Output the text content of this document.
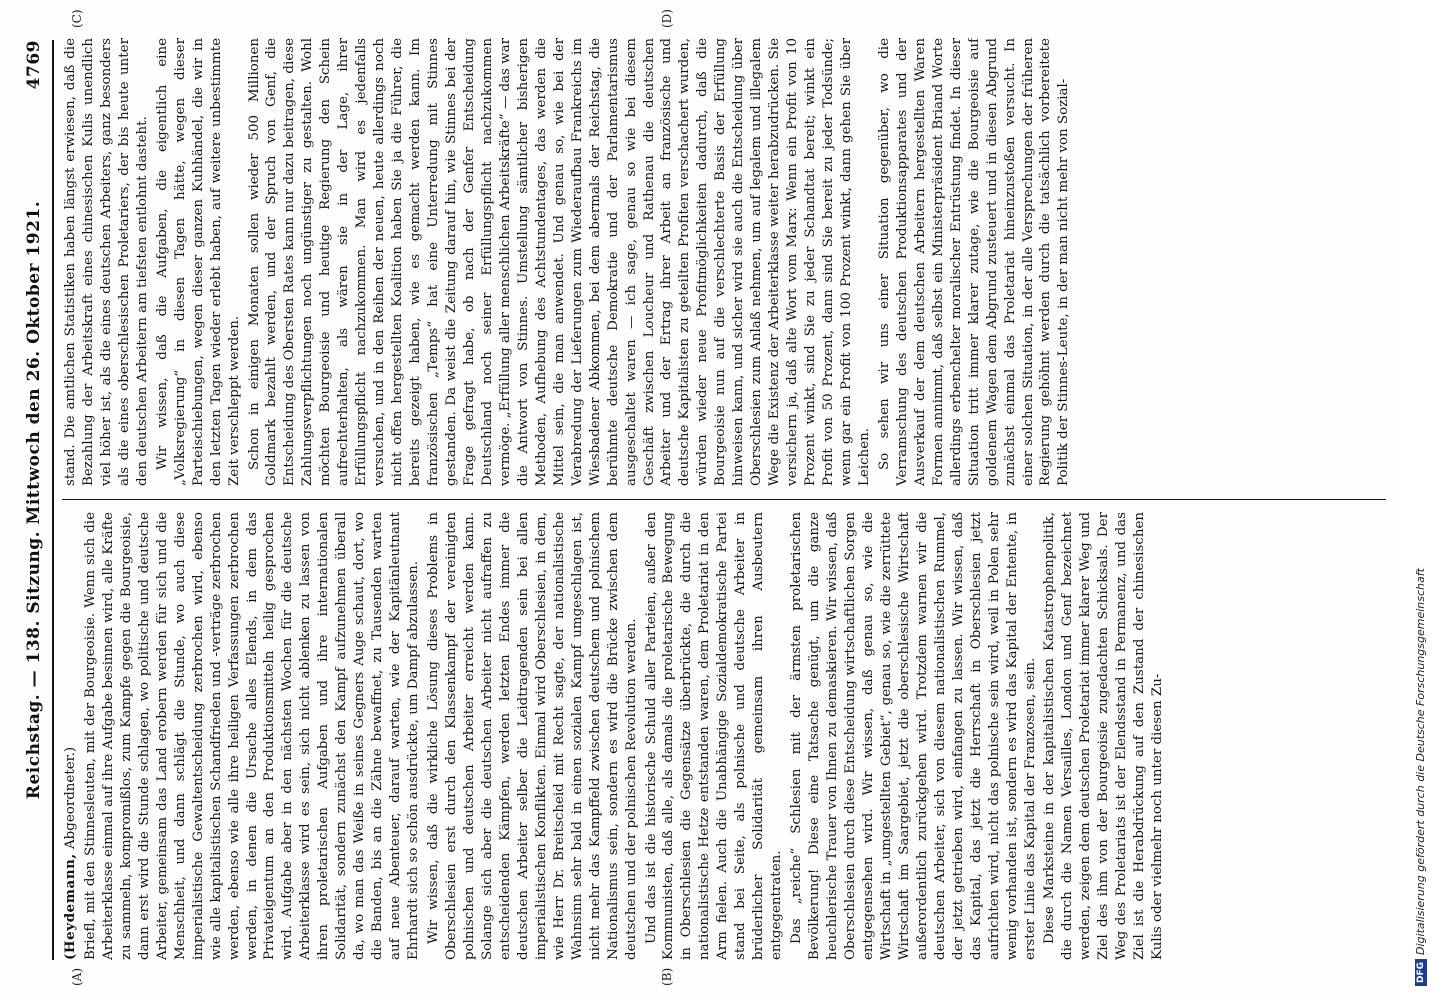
Reichstag. — 138. Sitzung. Mittwoch den 26. Oktober 1921.
4769
(A)	(B)
(C)	(D)

(Heydemann, Abgeordneter.) Briefl, mit den Stinnesleuten, mit der Bourgeoisie. Wenn sich die Arbeiterklasse einmal auf ihre Aufgabe besinnen wird, alle Kräfte zu sammeln, kompromißlos, zum Kampfe gegen die Bourgeoisie, dann erst wird die Stunde schlagen, wo politische und deutsche Arbeiter, gemeinsam das Land erobern werden für sich und die Menschheit, und dann schlägt die Stunde, wo auch diese imperialistische Gewaltentscheidung zerbrochen wird, ebenso wie alle kapitalistischen Schandfrieden und -verträge zerbrochen werden, ebenso wie alle ihre heiligen Verfassungen zerbrochen werden, in denen die Ursache alles Elends, in dem das Privateigentum an den Produktionsmitteln heilig gesprochen wird. Aufgabe aber in den nächsten Wochen für die deutsche Arbeiterklasse wird es sein, sich nicht ablenken zu lassen von ihren proletarischen Aufgaben und ihre internationalen Solidarität, sondern zunächst den Kampf aufzunehmen überall da, wo man das Weiße in seines Gegners Auge schaut, dort, wo die Banden, bis an die Zähne bewaffnet, zu Tausenden warten auf neue Abenteuer, darauf warten, wie der Kapitänleutnant Ehrhardt sich so schön ausdrückte, um Dampf abzulassen. Wir wissen, daß die wirkliche Lösung dieses Problems in Oberschlesien erst durch den Klassenkampf der vereinigten polnischen und deutschen Arbeiter erreicht werden kann. Solange sich aber die deutschen Arbeiter nicht aufraffen zu entscheidenden Kämpfen, werden letzten Endes immer die deutschen Arbeiter selber die Leidtragenden sein bei allen imperialistischen Konflikten. Einmal wird Oberschlesien, in dem, wie Herr Dr. Breitscheid mit Recht sagte, der nationalistische Wahnsinn sehr bald in einen sozialen Kampf umgeschlagen ist, nicht mehr das Kampffeld zwischen deutschem und polnischem Nationalismus sein, sondern es wird die Brücke zwischen dem deutschen und der polnischen Revolution werden. Und das ist die historische Schuld aller Parteien, außer den Kommunisten, daß alle, als damals die proletarische Bewegung in Oberschlesien die Gegensätze überbrückte, die durch die nationalistische Hetze entstanden waren, dem Proletariat in den Arm fielen. Auch die Unabhängige Sozialdemokratische Partei stand bei Seite, als polnische und deutsche Arbeiter in brüderlicher Solidarität gemeinsam ihren Ausbeutern entgegentraten. Das „reiche“ Schlesien mit der ärmsten proletarischen Bevölkerung! Diese eine Tatsache genügt, um die ganze heuchlerische Trauer von Ihnen zu demaskieren. Wir wissen, daß Oberschlesien durch diese Entscheidung wirtschaftlichen Sorgen entgegensehen wird. Wir wissen, daß genau so, wie die Wirtschaft in „umgestellten Gebiet“, genau so, wie die zerrüttete Wirtschaft im Saargebiet, jetzt die oberschlesische Wirtschaft außerordentlich zurückgehen wird. Trotzdem warnen wir die deutschen Arbeiter, sich von diesem nationalistischen Rummel, der jetzt getrieben wird, einfangen zu lassen. Wir wissen, daß das Kapital, das jetzt die Herrschaft in Oberschlesien jetzt aufrichten wird, nicht das polnische sein wird, weil in Polen sehr wenig vorhanden ist, sondern es wird das Kapital der Entente, in erster Linie das Kapital der Franzosen, sein. Diese Marksteine in der kapitalistischen Katastrophenpolitik, die durch die Namen Versailles, London und Genf bezeichnet werden, zeigen dem deutschen Proletariat immer klarer Weg und Ziel des ihm von der Bourgeoisie zugedachten Schicksals. Der Weg des Proletariats ist der Elendsstand in Permanenz, und das Ziel ist die Herabdrückung auf den Zustand der chinesischen Kulis oder vielmehr noch unter diesen Zu-

stand. Die amtlichen Statistiken haben längst erwiesen, daß die Bezahlung der Arbeitskraft eines chinesischen Kulis unendlich viel höher ist, als die eines deutschen Arbeiters, ganz besonders als die eines oberschlesischen Proletariers, der bis heute unter den deutschen Arbeitern am tiefsten entlohnt dasteht. Wir wissen, daß die Aufgaben, die eigentlich eine „Volksregierung“ in diesen Tagen hätte, wegen dieser Parteischiebungen, wegen dieser ganzen Kuhhändel, die wir in den letzten Tagen wieder erlebt haben, auf weitere unbestimmte Zeit verschleppt werden. Schon in einigen Monaten sollen wieder 500 Millionen Goldmark bezahlt werden, und der Spruch von Genf, die Entscheidung des Obersten Rates kann nur dazu beitragen, diese Zahlungsverpflichtungen noch ungünstiger zu gestalten. Wohl möchten Bourgeoisie und heutige Regierung den Schein aufrechterhalten, als wären sie in der Lage, ihrer Erfüllungspflicht nachzukommen. Man wird es jedenfalls versuchen, und in den Reihen der neuen, heute allerdings noch nicht offen hergestellten Koalition haben Sie ja die Führer, die bereits gezeigt haben, wie es gemacht werden kann. Im französischen „Temps“ hat eine Unterredung mit Stinnes gestanden. Da weist die Zeitung darauf hin, wie Stinnes bei der Frage gefragt habe, ob nach der Genfer Entscheidung Deutschland noch seiner Erfüllungspflicht nachzukommen vermöge. „Erfüllung aller menschlichen Arbeitskräfte“ — das war die Antwort von Stinnes. Umstellung sämtlicher bisherigen Methoden, Aufhebung des Achtstundentages, das werden die Mittel sein, die man anwendet. Und genau so, wie bei der Verabredung der Lieferungen zum Wiederaufbau Frankreichs im Wiesbadener Abkommen, bei dem abermals der Reichstag, die berühmte deutsche Demokratie und der Parlamentarismus ausgeschaltet waren — ich sage, genau so wie bei diesem Geschäft zwischen Loucheur und Rathenau die deutschen Arbeiter und der Ertrag ihrer Arbeit an französische und deutsche Kapitalisten zu geteilten Profiten verschachert wurden, würden wieder neue Profitmöglichkeiten dadurch, daß die Bourgeoisie nun auf die verschlechterte Basis der Erfüllung hinweisen kann, und sicher wird sie auch die Entscheidung über Oberschlesien zum Anlaß nehmen, um auf legalem und illegalem Wege die Existenz der Arbeiterklasse weiter herabzudrücken. Sie versichern ja, daß alte Wort vom Marx: Wenn ein Profit von 10 Prozent winkt, sind Sie zu jeder Schandtat bereit; winkt ein Profit von 50 Prozent, dann sind Sie bereit zu jeder Todsünde; wenn gar ein Profit von 100 Prozent winkt, dann gehen Sie über Leichen. So sehen wir uns einer Situation gegenüber, wo die Verramschung des deutschen Produktionsapparates und der Ausverkauf der dem deutschen Arbeitern hergestellten Waren Formen annimmt, daß selbst ein Ministerpräsident Briand Worte allerdings erbenchelter moralischer Entrüstung findet. In dieser Situation tritt immer klarer zutage, wie die Bourgeoisie auf goldenem Wagen dem Abgrund zusteuert und in diesen Abgrund zunächst einmal das Proletariat hineinzustoßen versucht. In einer solchen Situation, in der alle Versprechungen der früheren Regierung gehöhnt werden durch die tatsächlich vorbereitete Politik der Stinnes-Leute, in der man nicht mehr von Sozial-

DFGDigitalisierung gefördert durch die Deutsche Forschungsgemeinschaft
